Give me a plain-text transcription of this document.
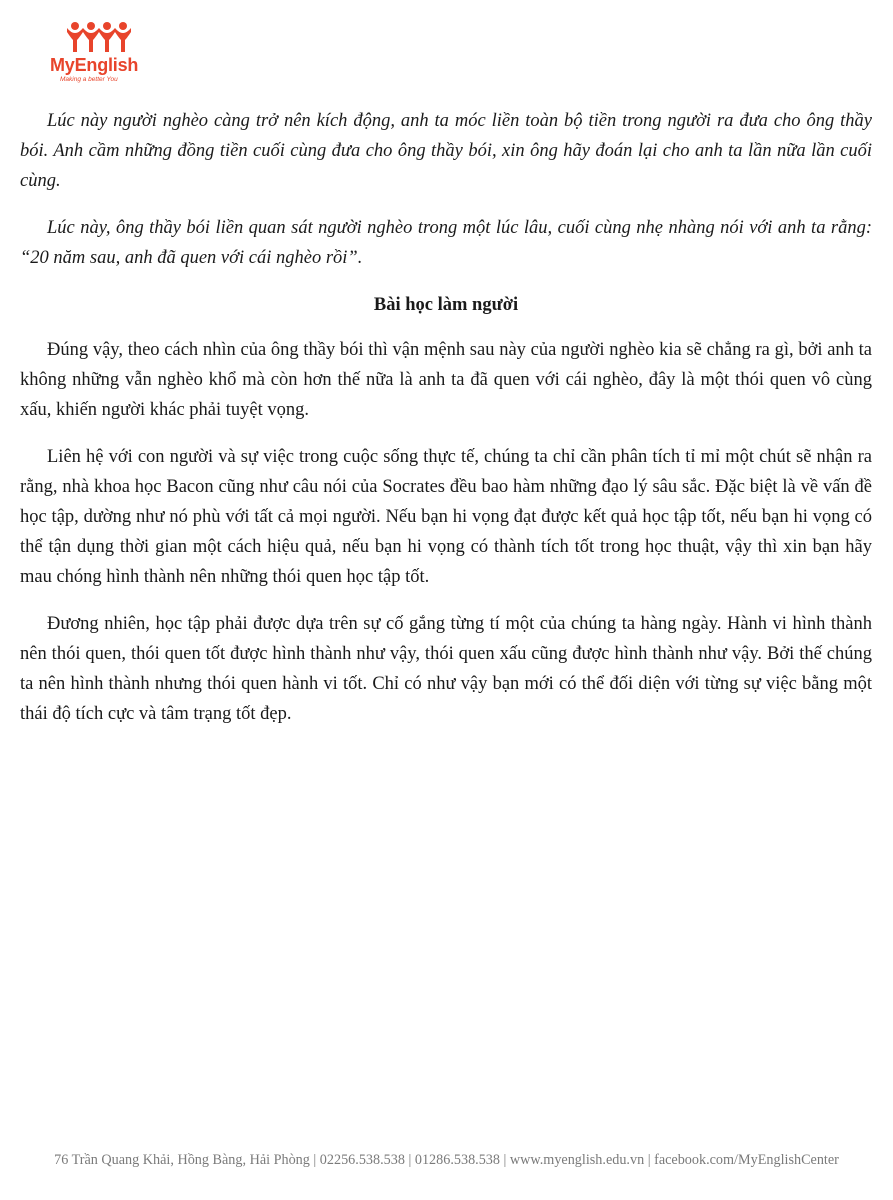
MyEnglish
Making a better You

Lúc này người nghèo càng trở nên kích động, anh ta móc liền toàn bộ tiền trong người ra đưa cho ông thầy bói. Anh cầm những đồng tiền cuối cùng đưa cho ông thầy bói, xin ông hãy đoán lại cho anh ta lần nữa lần cuối cùng.

Lúc này, ông thầy bói liền quan sát người nghèo trong một lúc lâu, cuối cùng nhẹ nhàng nói với anh ta rằng: “20 năm sau, anh đã quen với cái nghèo rồi”.

Bài học làm người

Đúng vậy, theo cách nhìn của ông thầy bói thì vận mệnh sau này của người nghèo kia sẽ chẳng ra gì, bởi anh ta không những vẫn nghèo khổ mà còn hơn thế nữa là anh ta đã quen với cái nghèo, đây là một thói quen vô cùng xấu, khiến người khác phải tuyệt vọng.

Liên hệ với con người và sự việc trong cuộc sống thực tế, chúng ta chỉ cần phân tích tỉ mỉ một chút sẽ nhận ra rằng, nhà khoa học Bacon cũng như câu nói của Socrates đều bao hàm những đạo lý sâu sắc. Đặc biệt là về vấn đề học tập, dường như nó phù với tất cả mọi người. Nếu bạn hi vọng đạt được kết quả học tập tốt, nếu bạn hi vọng có thể tận dụng thời gian một cách hiệu quả, nếu bạn hi vọng có thành tích tốt trong học thuật, vậy thì xin bạn hãy mau chóng hình thành nên những thói quen học tập tốt.

Đương nhiên, học tập phải được dựa trên sự cố gắng từng tí một của chúng ta hàng ngày. Hành vi hình thành nên thói quen, thói quen tốt được hình thành như vậy, thói quen xấu cũng được hình thành như vậy. Bởi thế chúng ta nên hình thành nhưng thói quen hành vi tốt. Chỉ có như vậy bạn mới có thể đối diện với từng sự việc bằng một thái độ tích cực và tâm trạng tốt đẹp.

76 Trần Quang Khải, Hồng Bàng, Hải Phòng | 02256.538.538 | 01286.538.538 | www.myenglish.edu.vn | facebook.com/MyEnglishCenter
